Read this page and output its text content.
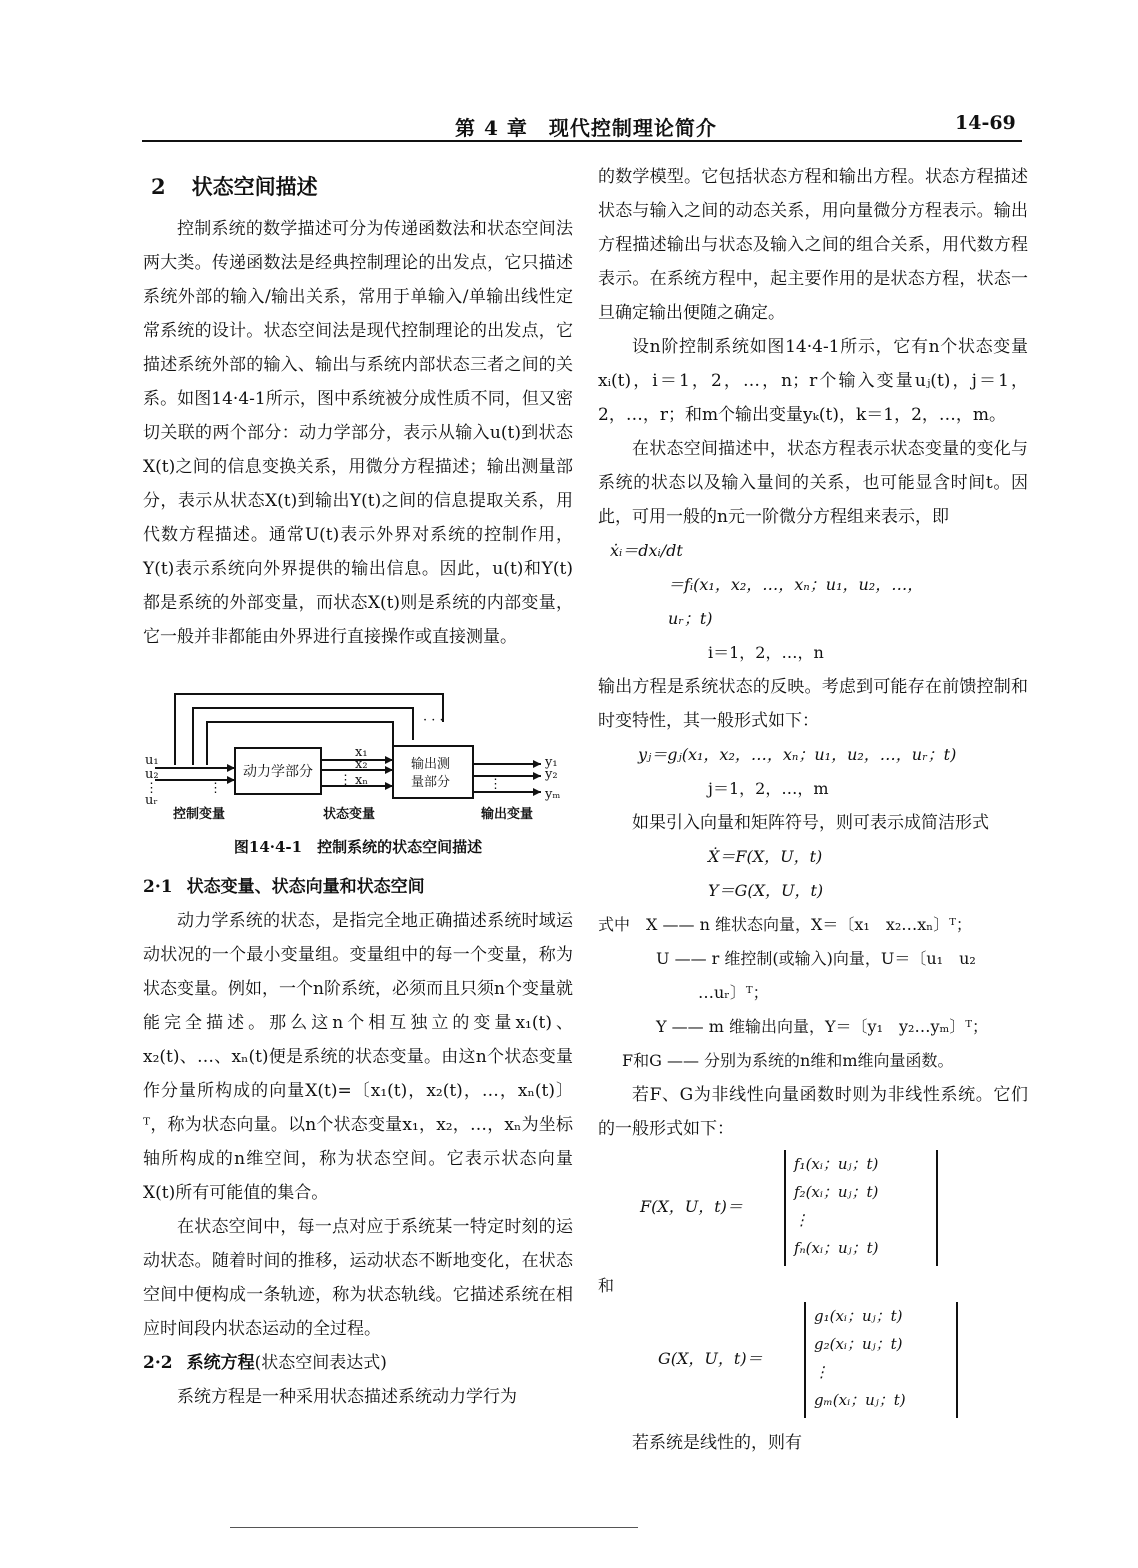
第 4 章　现代控制理论简介	14-69
2 状态空间描述

控制系统的数学描述可分为传递函数法和状态空间法两大类。传递函数法是经典控制理论的出发点，它只描述系统外部的输入/输出关系，常用于单输入/单输出线性定常系统的设计。状态空间法是现代控制理论的出发点，它描述系统外部的输入、输出与系统内部状态三者之间的关系。如图14·4-1所示，图中系统被分成性质不同，但又密切关联的两个部分：动力学部分，表示从输入u(t)到状态X(t)之间的信息变换关系，用微分方程描述；输出测量部分，表示从状态X(t)到输出Y(t)之间的信息提取关系，用代数方程描述。通常U(t)表示外界对系统的控制作用，Y(t)表示系统向外界提供的输出信息。因此，u(t)和Y(t)都是系统的外部变量，而状态X(t)则是系统的内部变量，它一般并非都能由外界进行直接操作或直接测量。

u₁
u₂
uᵣ
⋮	⋮
x₁
x₂
xₙ
⋮	⋮
y₁
y₂
yₘ
· · ·
动力学部分	输出测
量部分
控制变量	状态变量	输出变量
图14·4-1　控制系统的状态空间描述

2·1 状态变量、状态向量和状态空间

动力学系统的状态，是指完全地正确描述系统时域运动状况的一个最小变量组。变量组中的每一个变量，称为状态变量。例如，一个n阶系统，必须而且只须n个变量就能完全描述。那么这n个相互独立的变量x₁(t)、x₂(t)、…、xₙ(t)便是系统的状态变量。由这n个状态变量作分量所构成的向量X(t)=〔x₁(t)，x₂(t)，…，xₙ(t)〕ᵀ，称为状态向量。以n个状态变量x₁，x₂，…，xₙ为坐标轴所构成的n维空间，称为状态空间。它表示状态向量X(t)所有可能值的集合。

在状态空间中，每一点对应于系统某一特定时刻的运动状态。随着时间的推移，运动状态不断地变化，在状态空间中便构成一条轨迹，称为状态轨线。它描述系统在相应时间段内状态运动的全过程。

2·2 系统方程(状态空间表达式)

系统方程是一种采用状态描述系统动力学行为

的数学模型。它包括状态方程和输出方程。状态方程描述状态与输入之间的动态关系，用向量微分方程表示。输出方程描述输出与状态及输入之间的组合关系，用代数方程表示。在系统方程中，起主要作用的是状态方程，状态一旦确定输出便随之确定。

设n阶控制系统如图14·4-1所示，它有n个状态变量xᵢ(t)，i＝1，2，…，n；r个输入变量uⱼ(t)，j＝1，2，…，r；和m个输出变量yₖ(t)，k＝1，2，…，m。

在状态空间描述中，状态方程表示状态变量的变化与系统的状态以及输入量间的关系，也可能显含时间t。因此，可用一般的n元一阶微分方程组来表示，即

ẋᵢ＝dxᵢ/dt

＝fᵢ(x₁，x₂，…，xₙ；u₁，u₂，…，

uᵣ；t)

i＝1，2，…，n

输出方程是系统状态的反映。考虑到可能存在前馈控制和时变特性，其一般形式如下：

yⱼ＝gⱼ(x₁，x₂，…，xₙ；u₁，u₂，…，uᵣ；t)

j＝1，2，…，m

如果引入向量和矩阵符号，则可表示成简洁形式

Ẋ＝F(X，U，t)

Y＝G(X，U，t)

式中　 X —— n 维状态向量，X＝〔x₁　x₂…xₙ〕ᵀ；

U —— r 维控制(或输入)向量，U＝〔u₁　u₂

…uᵣ〕ᵀ；

Y —— m 维输出向量，Y＝〔y₁　y₂…yₘ〕ᵀ；

F和G —— 分别为系统的n维和m维向量函数。

若F、G为非线性向量函数时则为非线性系统。它们的一般形式如下：

F(X，U，t)＝
f₁(xᵢ；uⱼ；t)
f₂(xᵢ；uⱼ；t)
⋮
fₙ(xᵢ；uⱼ；t)

和

G(X，U，t)＝
g₁(xᵢ；uⱼ；t)
g₂(xᵢ；uⱼ；t)
⋮
gₘ(xᵢ；uⱼ；t)

若系统是线性的，则有
